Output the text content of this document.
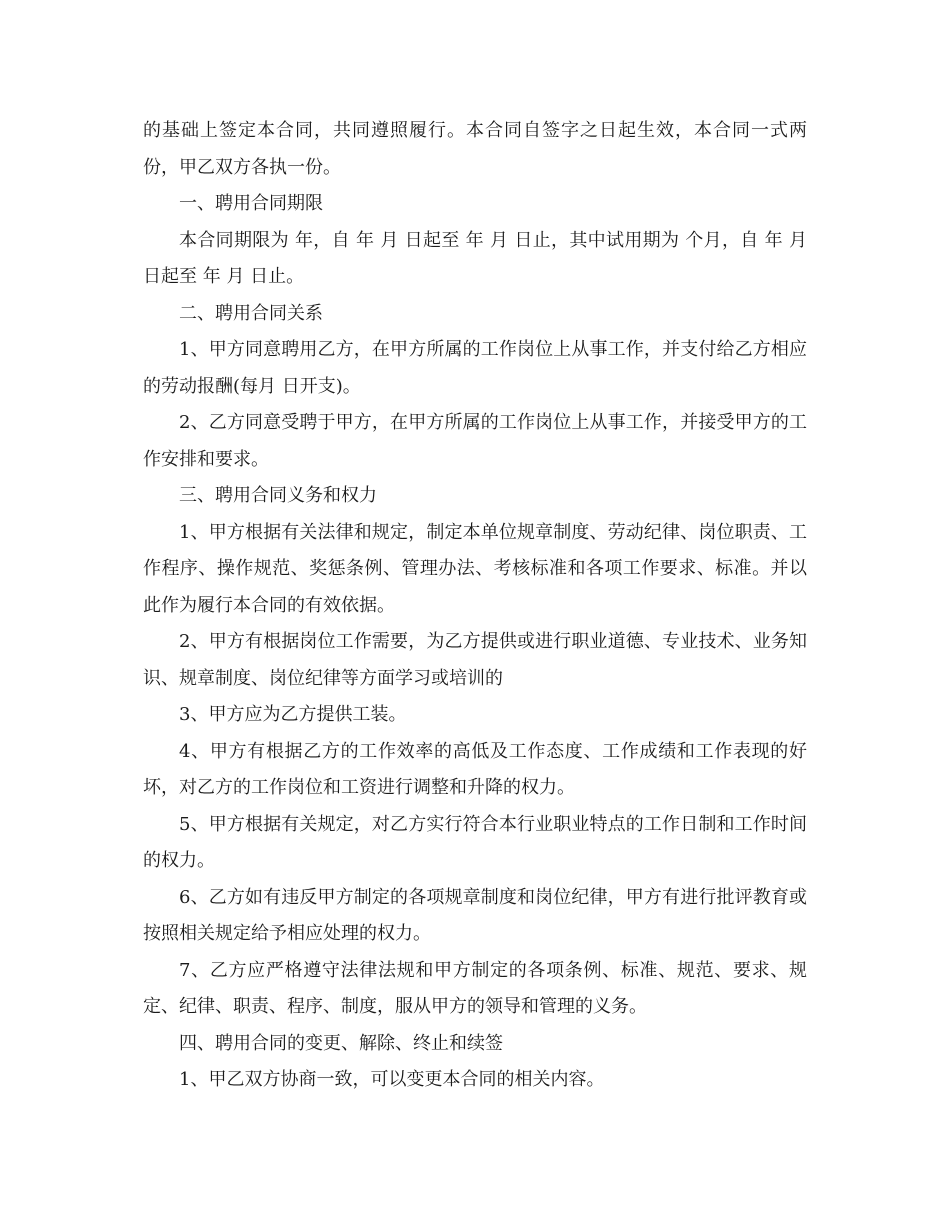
的基础上签定本合同，共同遵照履行。本合同自签字之日起生效，本合同一式两份，甲乙双方各执一份。

一、聘用合同期限

本合同期限为 年，自 年 月 日起至 年 月 日止，其中试用期为 个月，自 年 月 日起至 年 月 日止。

二、聘用合同关系

1、甲方同意聘用乙方，在甲方所属的工作岗位上从事工作，并支付给乙方相应的劳动报酬(每月 日开支)。

2、乙方同意受聘于甲方，在甲方所属的工作岗位上从事工作，并接受甲方的工作安排和要求。

三、聘用合同义务和权力

1、甲方根据有关法律和规定，制定本单位规章制度、劳动纪律、岗位职责、工作程序、操作规范、奖惩条例、管理办法、考核标准和各项工作要求、标准。并以此作为履行本合同的有效依据。

2、甲方有根据岗位工作需要，为乙方提供或进行职业道德、专业技术、业务知识、规章制度、岗位纪律等方面学习或培训的

3、甲方应为乙方提供工装。

4、甲方有根据乙方的工作效率的高低及工作态度、工作成绩和工作表现的好坏，对乙方的工作岗位和工资进行调整和升降的权力。

5、甲方根据有关规定，对乙方实行符合本行业职业特点的工作日制和工作时间的权力。

6、乙方如有违反甲方制定的各项规章制度和岗位纪律，甲方有进行批评教育或按照相关规定给予相应处理的权力。

7、乙方应严格遵守法律法规和甲方制定的各项条例、标准、规范、要求、规定、纪律、职责、程序、制度，服从甲方的领导和管理的义务。

四、聘用合同的变更、解除、终止和续签

1、甲乙双方协商一致，可以变更本合同的相关内容。
